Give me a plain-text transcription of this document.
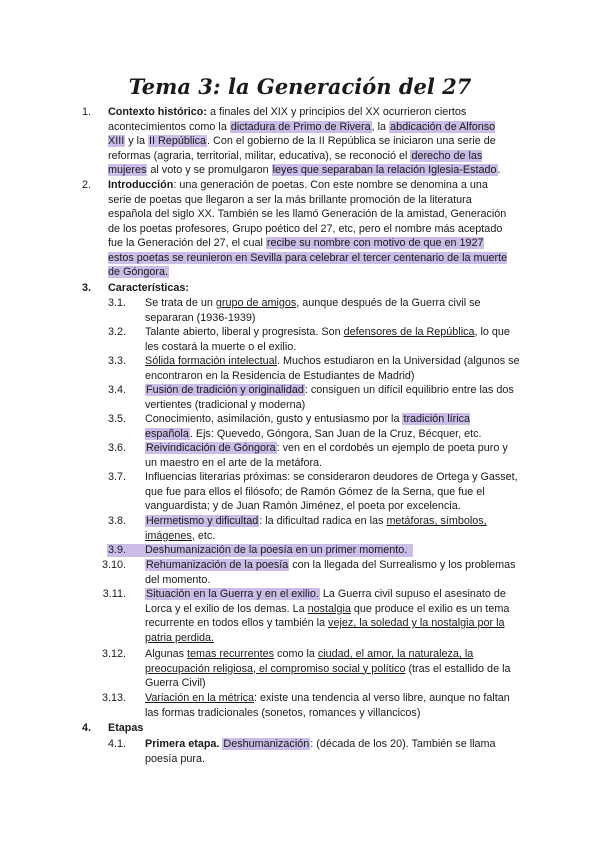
Tema 3: la Generación del 27
1. Contexto histórico: a finales del XIX y principios del XX ocurrieron ciertos acontecimientos como la dictadura de Primo de Rivera, la abdicación de Alfonso XIII y la II República. Con el gobierno de la II República se iniciaron una serie de reformas (agraria, territorial, militar, educativa), se reconoció el derecho de las mujeres al voto y se promulgaron leyes que separaban la relación Iglesia-Estado.
2. Introducción: una generación de poetas. Con este nombre se denomina a una serie de poetas que llegaron a ser la más brillante promoción de la literatura española del siglo XX. También se les llamó Generación de la amistad, Generación de los poetas profesores, Grupo poético del 27, etc, pero el nombre más aceptado fue la Generación del 27, el cual recibe su nombre con motivo de que en 1927 estos poetas se reunieron en Sevilla para celebrar el tercer centenario de la muerte de Góngora.
3. Características:
3.1. Se trata de un grupo de amigos, aunque después de la Guerra civil se separaran (1936-1939)
3.2. Talante abierto, liberal y progresista. Son defensores de la República, lo que les costará la muerte o el exilio.
3.3. Sólida formación intelectual. Muchos estudiaron en la Universidad (algunos se encontraron en la Residencia de Estudiantes de Madrid)
3.4. Fusión de tradición y originalidad: consiguen un difícil equilibrio entre las dos vertientes (tradicional y moderna)
3.5. Conocimiento, asimilación, gusto y entusiasmo por la tradición lírica española. Ejs: Quevedo, Góngora, San Juan de la Cruz, Bécquer, etc.
3.6. Reivindicación de Góngora: ven en el cordobés un ejemplo de poeta puro y un maestro en el arte de la metáfora.
3.7. Influencias literarias próximas: se consideraron deudores de Ortega y Gasset, que fue para ellos el filósofo; de Ramón Gómez de la Serna, que fue el vanguardista; y de Juan Ramón Jiménez, el poeta por excelencia.
3.8. Hermetismo y dificultad: la dificultad radica en las metáforas, símbolos, imágenes, etc.
3.9. Deshumanización de la poesía en un primer momento.
3.10. Rehumanización de la poesía con la llegada del Surrealismo y los problemas del momento.
3.11. Situación en la Guerra y en el exilio. La Guerra civil supuso el asesinato de Lorca y el exilio de los demas. La nostalgia que produce el exilio es un tema recurrente en todos ellos y también la vejez, la soledad y la nostalgia por la patria perdida.
3.12. Algunas temas recurrentes como la ciudad, el amor, la naturaleza, la preocupación religiosa, el compromiso social y político (tras el estallido de la Guerra Civil)
3.13. Variación en la métrica: existe una tendencia al verso libre, aunque no faltan las formas tradicionales (sonetos, romances y villancicos)
4. Etapas
4.1. Primera etapa. Deshumanización: (década de los 20). También se llama poesía pura.
